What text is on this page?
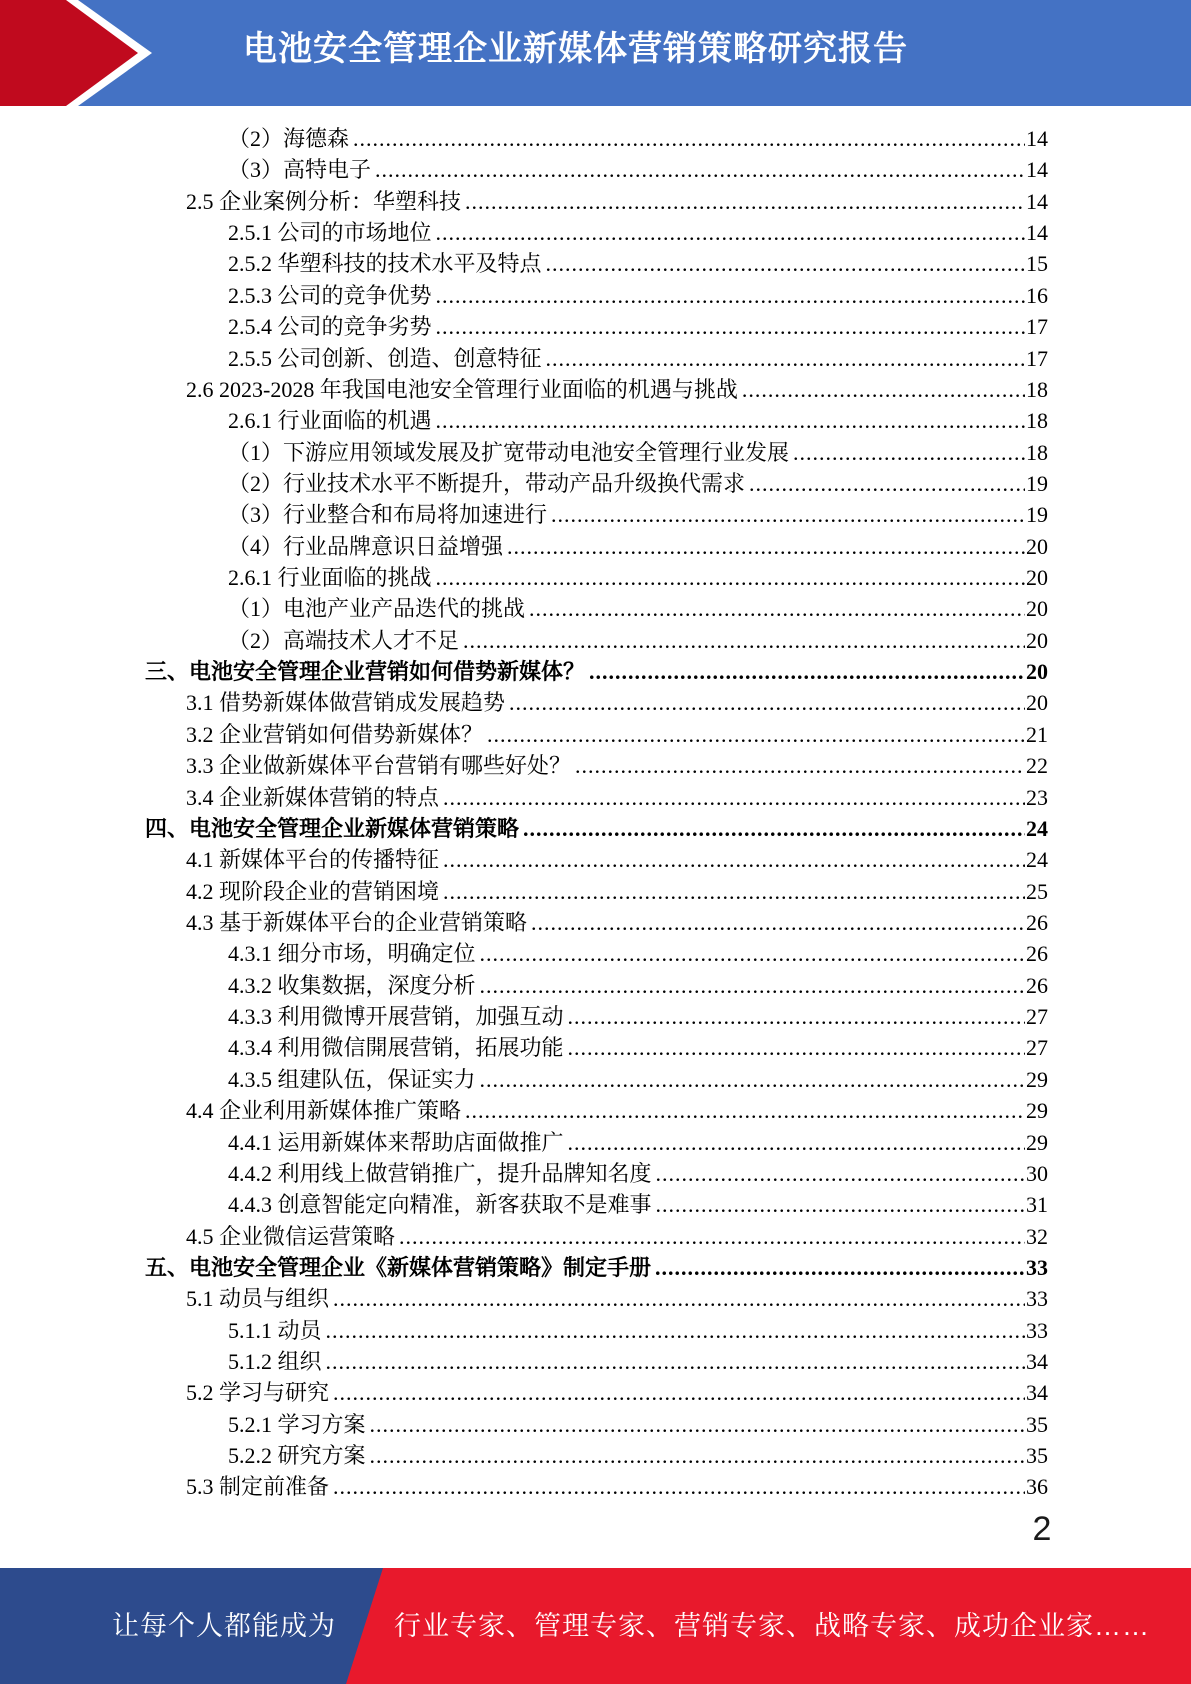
电池安全管理企业新媒体营销策略研究报告
（2）海德森 .....	14
（3）高特电子 .....	14
2.5 企业案例分析：华塑科技 .....	14
2.5.1 公司的市场地位 .....	14
2.5.2 华塑科技的技术水平及特点 .....	15
2.5.3 公司的竞争优势 .....	16
2.5.4 公司的竞争劣势 .....	17
2.5.5 公司创新、创造、创意特征 .....	17
2.6 2023-2028 年我国电池安全管理行业面临的机遇与挑战 .....	18
2.6.1 行业面临的机遇 .....	18
（1）下游应用领域发展及扩宽带动电池安全管理行业发展 .....	18
（2）行业技术水平不断提升，带动产品升级换代需求 .....	19
（3）行业整合和布局将加速进行 .....	19
（4）行业品牌意识日益增强 .....	20
2.6.1 行业面临的挑战 .....	20
（1）电池产业产品迭代的挑战 .....	20
（2）高端技术人才不足 .....	20
三、电池安全管理企业营销如何借势新媒体？ .....	20
3.1 借势新媒体做营销成发展趋势 .....	20
3.2 企业营销如何借势新媒体？ .....	21
3.3 企业做新媒体平台营销有哪些好处？ .....	22
3.4 企业新媒体营销的特点 .....	23
四、电池安全管理企业新媒体营销策略 .....	24
4.1 新媒体平台的传播特征 .....	24
4.2 现阶段企业的营销困境 .....	25
4.3 基于新媒体平台的企业营销策略 .....	26
4.3.1 细分市场，明确定位 .....	26
4.3.2 收集数据，深度分析 .....	26
4.3.3 利用微博开展营销，加强互动 .....	27
4.3.4 利用微信開展营销，拓展功能 .....	27
4.3.5 组建队伍，保证实力 .....	29
4.4 企业利用新媒体推广策略 .....	29
4.4.1 运用新媒体来帮助店面做推广 .....	29
4.4.2 利用线上做营销推广，提升品牌知名度 .....	30
4.4.3 创意智能定向精准，新客获取不是难事 .....	31
4.5 企业微信运营策略 .....	32
五、电池安全管理企业《新媒体营销策略》制定手册 .....	33
5.1 动员与组织 .....	33
5.1.1 动员 .....	33
5.1.2 组织 .....	34
5.2 学习与研究 .....	34
5.2.1 学习方案 .....	35
5.2.2 研究方案 .....	35
5.3 制定前准备 .....	36
2
让每个人都能成为 行业专家、管理专家、营销专家、战略专家、成功企业家……
